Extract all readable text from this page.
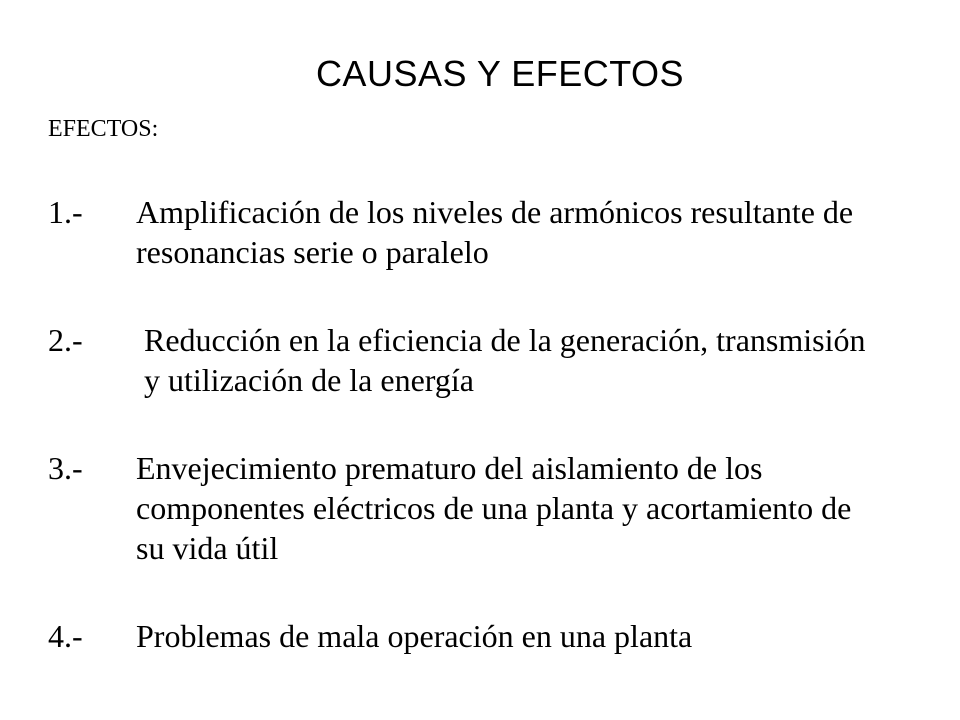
CAUSAS Y EFECTOS
EFECTOS:
1.- Amplificación de los niveles de armónicos resultante de resonancias serie o paralelo
2.- Reducción en la eficiencia de la generación, transmisión y utilización de la energía
3.- Envejecimiento prematuro del aislamiento de los componentes eléctricos de una planta y acortamiento de su vida útil
4.- Problemas de mala operación en una planta
